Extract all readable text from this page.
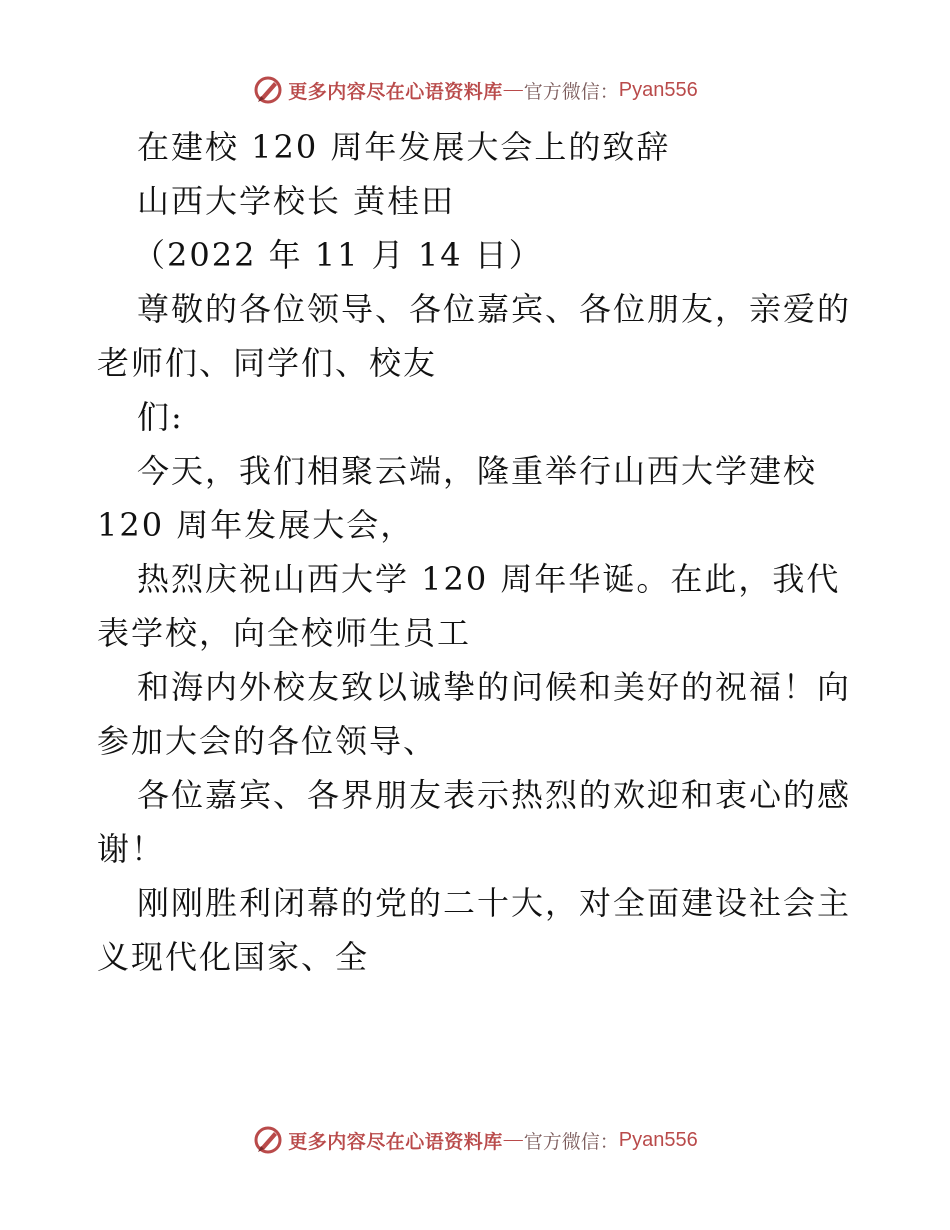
更多内容尽在心语资料库 — 官方微信： Pyan556
在建校 120 周年发展大会上的致辞
山西大学校长 黄桂田
（2022 年 11 月 14 日）
尊敬的各位领导、各位嘉宾、各位朋友，亲爱的
老师们、同学们、校友
们:
今天，我们相聚云端，隆重举行山西大学建校
120 周年发展大会，
热烈庆祝山西大学 120 周年华诞。在此，我代
表学校，向全校师生员工
和海内外校友致以诚挚的问候和美好的祝福！向
参加大会的各位领导、
各位嘉宾、各界朋友表示热烈的欢迎和衷心的感
谢！
刚刚胜利闭幕的党的二十大，对全面建设社会主
义现代化国家、全
更多内容尽在心语资料库 — 官方微信： Pyan556
